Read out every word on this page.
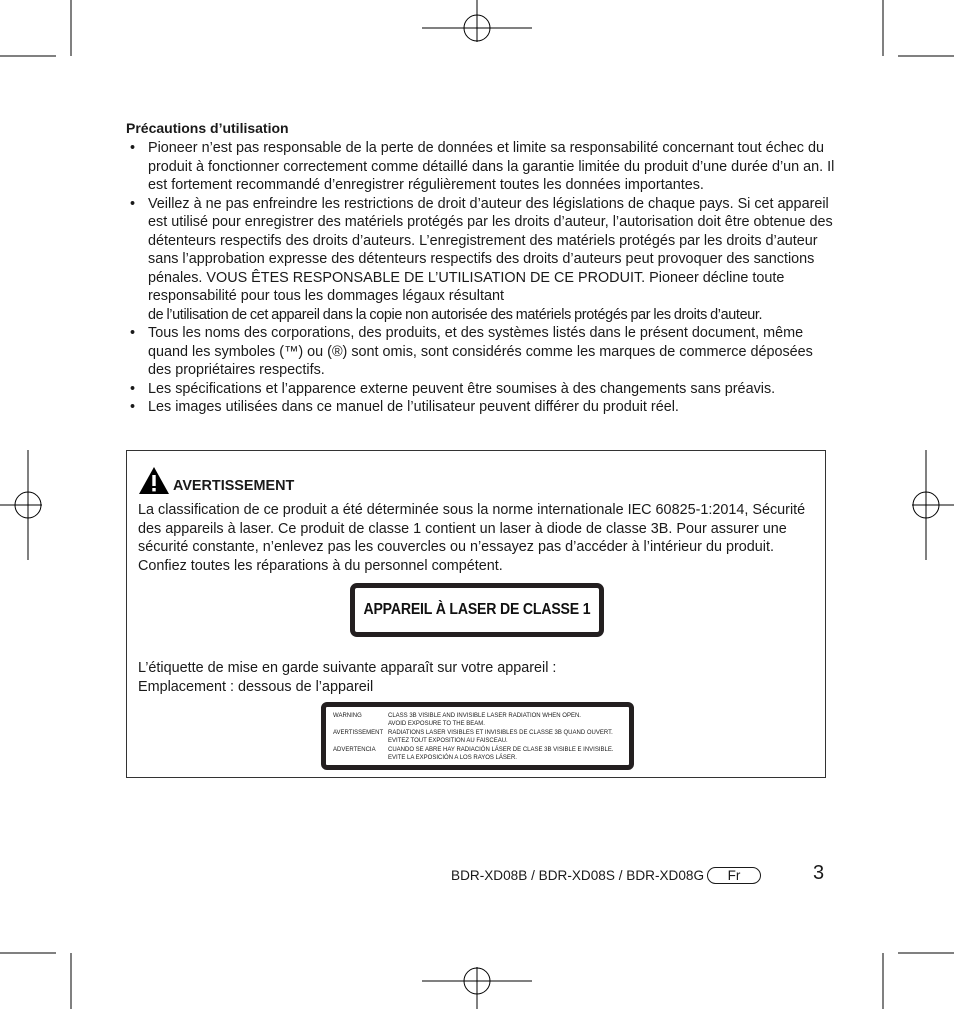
Précautions d’utilisation
• Pioneer n’est pas responsable de la perte de données et limite sa responsabilité concernant tout échec du produit à fonctionner correctement comme détaillé dans la garantie limitée du produit d’une durée d’un an. Il est fortement recommandé d’enregistrer régulièrement toutes les données importantes.
• Veillez à ne pas enfreindre les restrictions de droit d’auteur des législations de chaque pays. Si cet appareil est utilisé pour enregistrer des matériels protégés par les droits d’auteur, l’autorisation doit être obtenue des détenteurs respectifs des droits d’auteurs. L’enregistrement des matériels protégés par les droits d’auteur sans l’approbation expresse des détenteurs respectifs des droits d’auteurs peut provoquer des sanctions pénales. VOUS ÊTES RESPONSABLE DE L’UTILISATION DE CE PRODUIT. Pioneer décline toute responsabilité pour tous les dommages légaux résultant
de l’utilisation de cet appareil dans la copie non autorisée des matériels protégés par les droits d’auteur.
• Tous les noms des corporations, des produits, et des systèmes listés dans le présent document, même quand les symboles (™) ou (®) sont omis, sont considérés comme les marques de commerce déposées des propriétaires respectifs.
• Les spécifications et l’apparence externe peuvent être soumises à des changements sans préavis.
• Les images utilisées dans ce manuel de l’utilisateur peuvent différer du produit réel.
AVERTISSEMENT

La classification de ce produit a été déterminée sous la norme internationale IEC 60825-1:2014, Sécurité des appareils à laser. Ce produit de classe 1 contient un laser à diode de classe 3B. Pour assurer une sécurité constante, n’enlevez pas les couvercles ou n’essayez pas d’accéder à l’intérieur du produit. Confiez toutes les réparations à du personnel compétent.

APPAREIL À LASER DE CLASSE 1
L’étiquette de mise en garde suivante apparaît sur votre appareil :
Emplacement : dessous de l’appareil
WARNING	CLASS 3B VISIBLE AND INVISIBLE LASER RADIATION WHEN OPEN.
AVOID EXPOSURE TO THE BEAM.
AVERTISSEMENT RADIATIONS LASER VISIBLES ET INVISIBLES DE CLASSE 3B QUAND OUVERT.
EVITEZ TOUT EXPOSITION AU FAISCEAU.
ADVERTENCIA	CUANDO SE ABRE HAY RADIACIÓN LÁSER DE CLASE 3B VISIBLE E INVISIBLE.
EVITE LA EXPOSICIÓN A LOS RAYOS LÁSER.
BDR-XD08B / BDR-XD08S / BDR-XD08G	Fr	3
